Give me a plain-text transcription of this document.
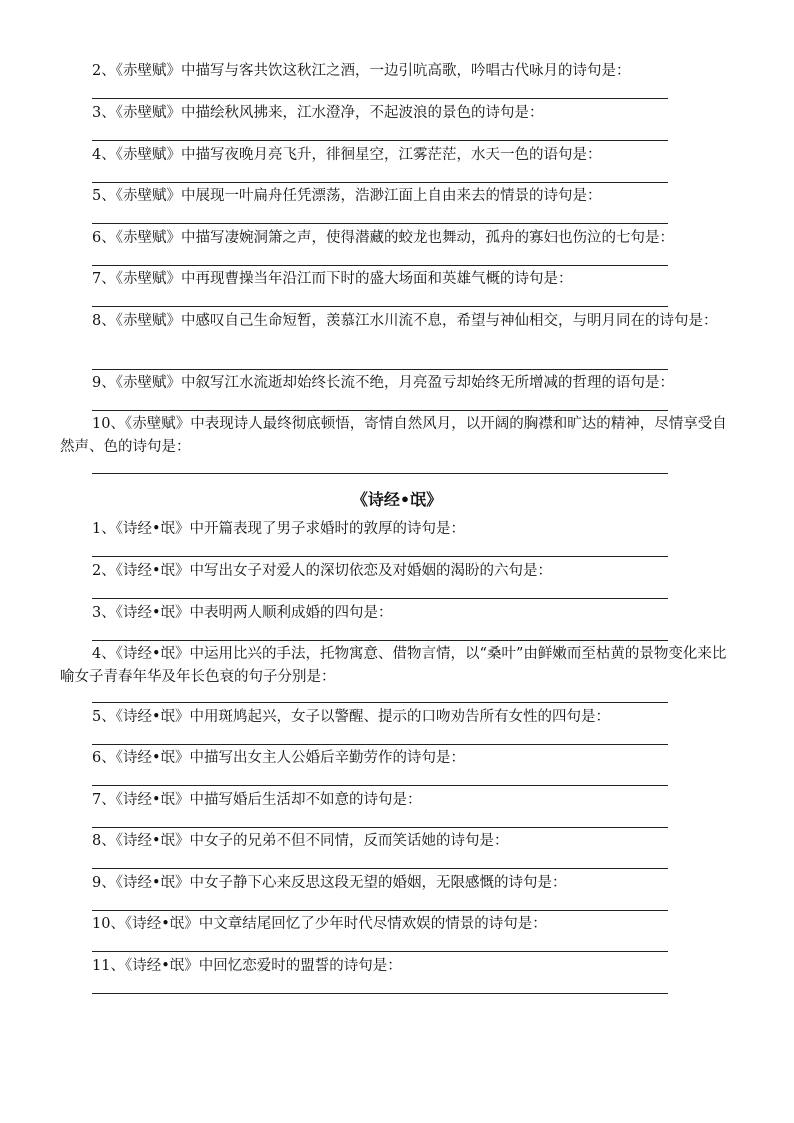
2、《赤壁赋》中描写与客共饮这秋江之酒，一边引吭高歌，吟唱古代咏月的诗句是：

3、《赤壁赋》中描绘秋风拂来，江水澄净，不起波浪的景色的诗句是：

4、《赤壁赋》中描写夜晚月亮飞升，徘徊星空，江雾茫茫，水天一色的语句是：

5、《赤壁赋》中展现一叶扁舟任凭漂荡，浩渺江面上自由来去的情景的诗句是：

6、《赤壁赋》中描写凄婉洞箫之声，使得潜藏的蛟龙也舞动，孤舟的寡妇也伤泣的七句是：

7、《赤壁赋》中再现曹操当年沿江而下时的盛大场面和英雄气概的诗句是：

8、《赤壁赋》中感叹自己生命短暂，羡慕江水川流不息，希望与神仙相交，与明月同在的诗句是：

9、《赤壁赋》中叙写江水流逝却始终长流不绝，月亮盈亏却始终无所增减的哲理的语句是：

10、《赤壁赋》中表现诗人最终彻底顿悟，寄情自然风月，以开阔的胸襟和旷达的精神，尽情享受自然声、色的诗句是：

《诗经•氓》

1、《诗经•氓》中开篇表现了男子求婚时的敦厚的诗句是：

2、《诗经•氓》中写出女子对爱人的深切依恋及对婚姻的渴盼的六句是：

3、《诗经•氓》中表明两人顺利成婚的四句是：

4、《诗经•氓》中运用比兴的手法，托物寓意、借物言情，以“桑叶”由鲜嫩而至枯黄的景物变化来比喻女子青春年华及年长色衰的句子分别是：

5、《诗经•氓》中用斑鸠起兴，女子以警醒、提示的口吻劝告所有女性的四句是：

6、《诗经•氓》中描写出女主人公婚后辛勤劳作的诗句是：

7、《诗经•氓》中描写婚后生活却不如意的诗句是：

8、《诗经•氓》中女子的兄弟不但不同情，反而笑话她的诗句是：

9、《诗经•氓》中女子静下心来反思这段无望的婚姻，无限感慨的诗句是：

10、《诗经•氓》中文章结尾回忆了少年时代尽情欢娱的情景的诗句是：

11、《诗经•氓》中回忆恋爱时的盟誓的诗句是：
